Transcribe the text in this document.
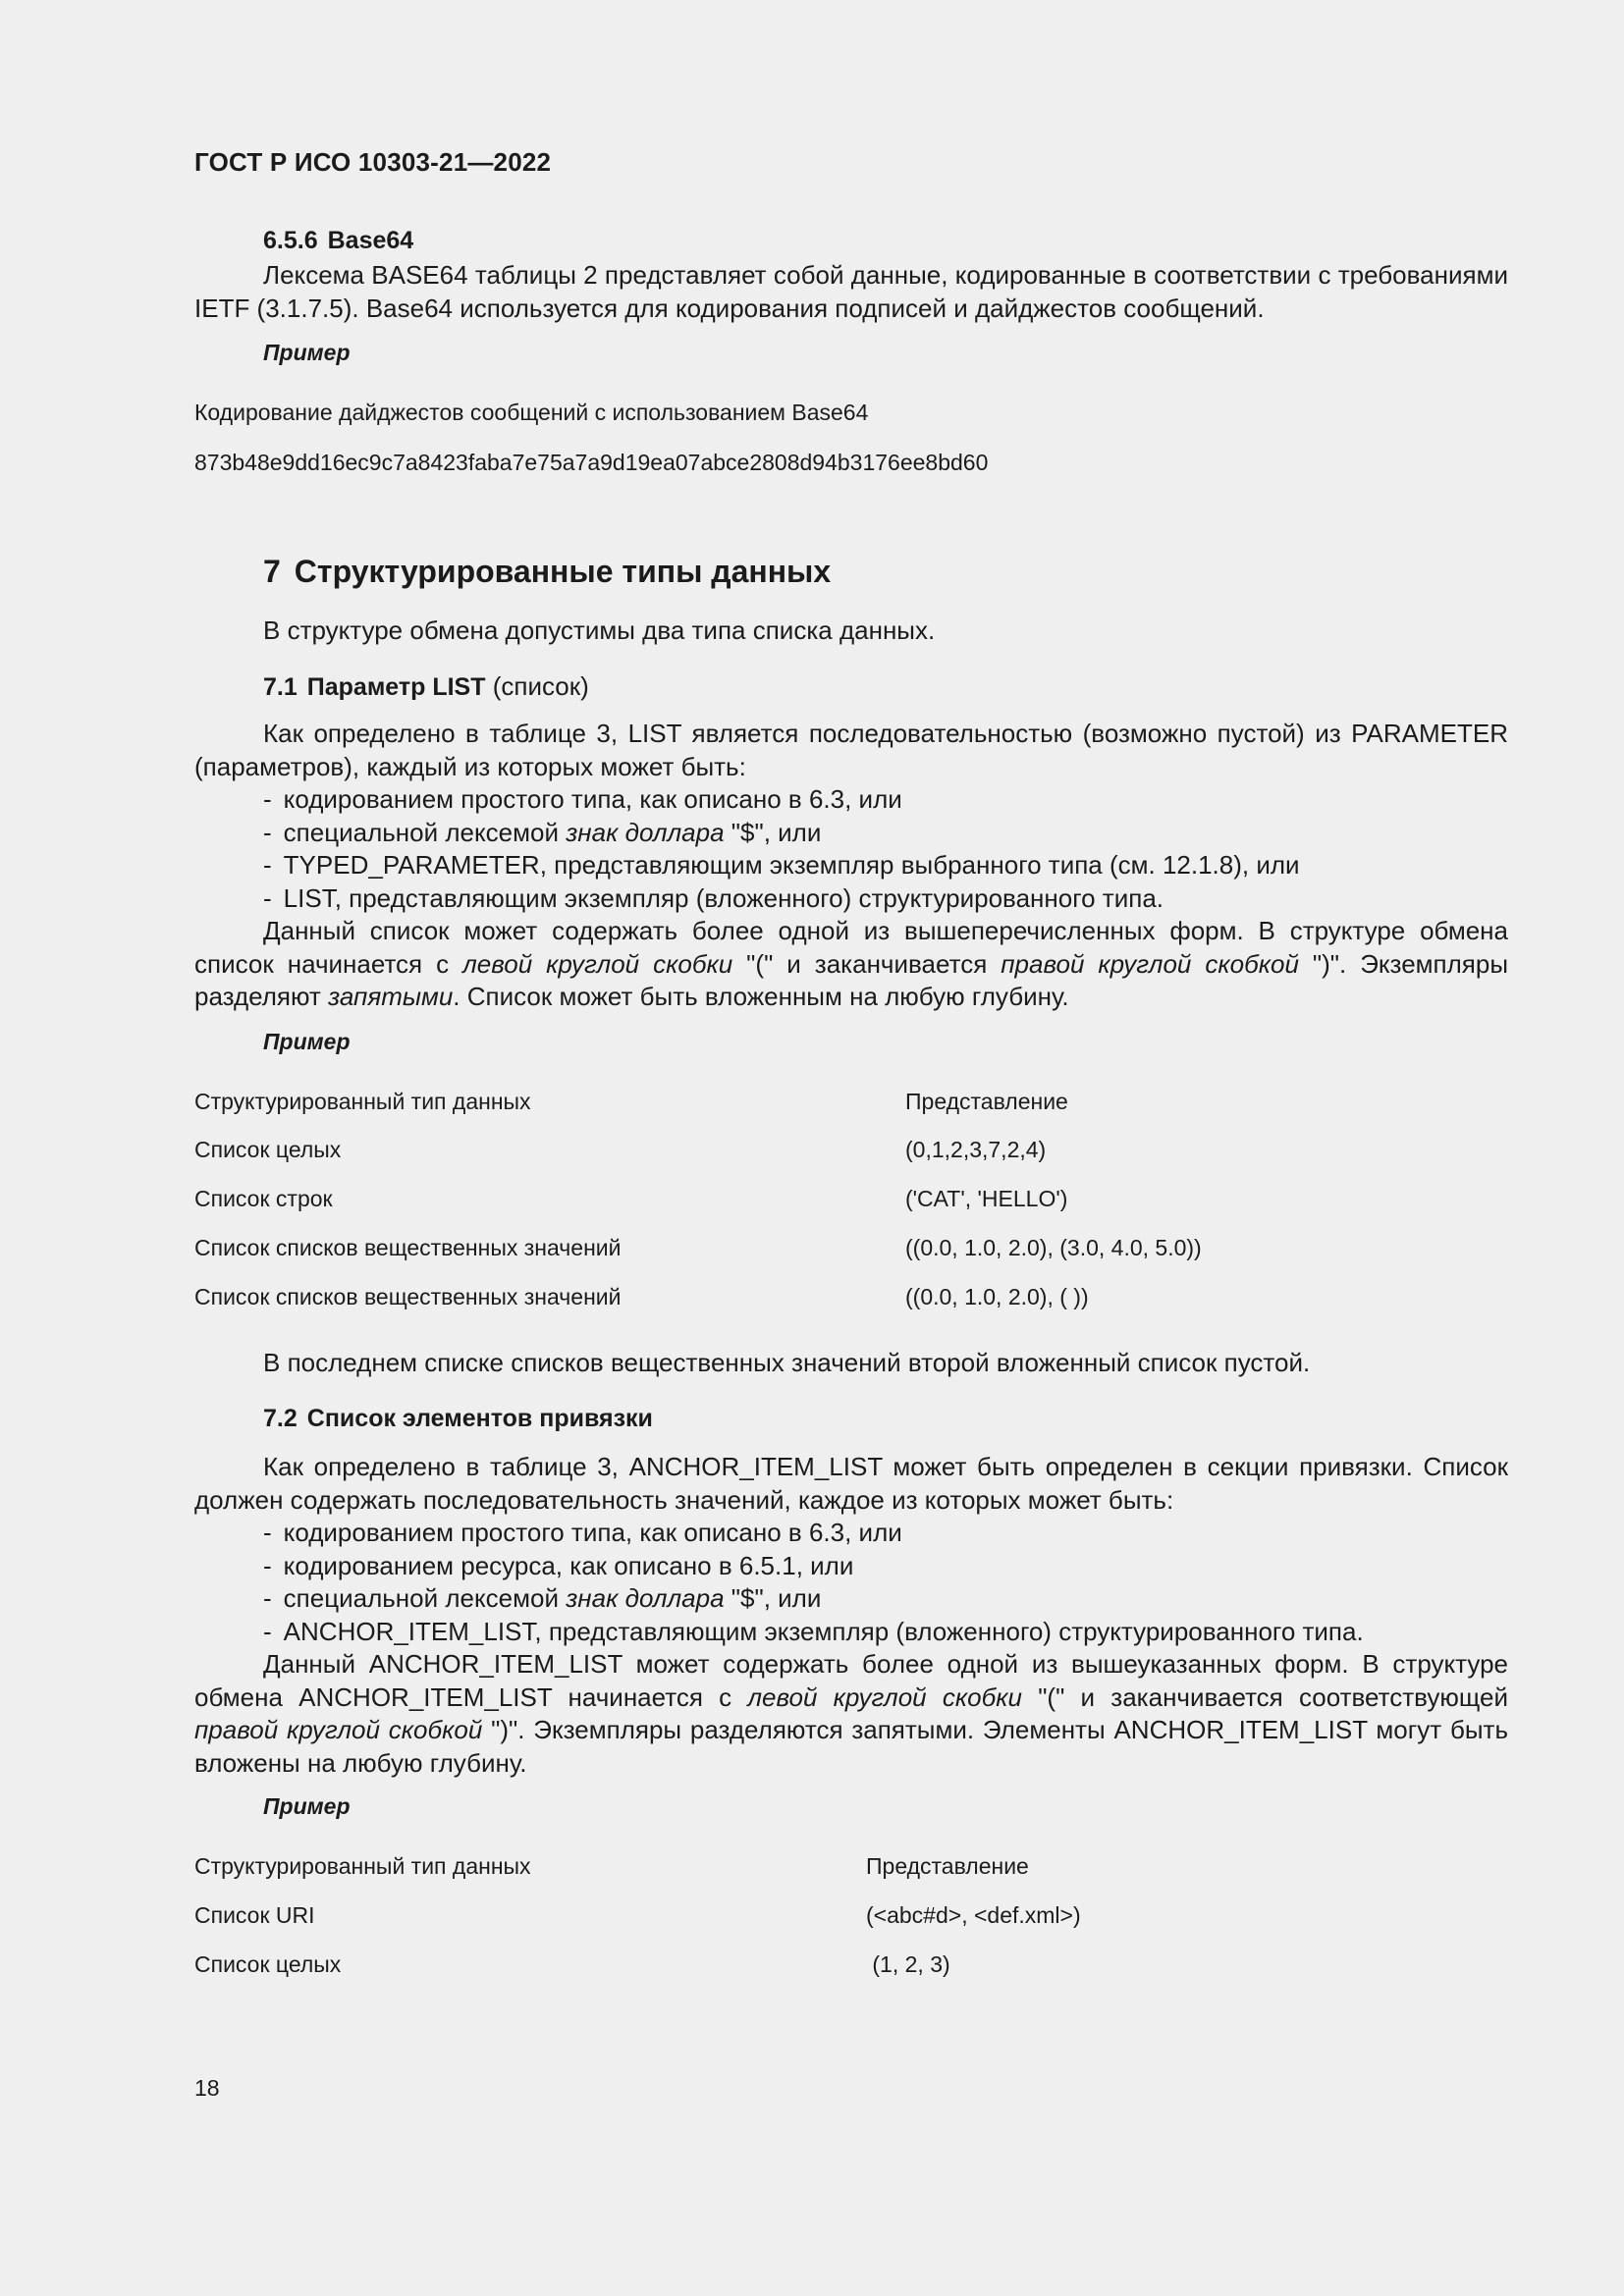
ГОСТ Р ИСО 10303-21—2022
6.5.6 Base64
Лексема BASE64 таблицы 2 представляет собой данные, кодированные в соответствии с требованиями IETF (3.1.7.5). Base64 используется для кодирования подписей и дайджестов сообщений.
Пример
Кодирование дайджестов сообщений с использованием Base64
873b48e9dd16ec9c7a8423faba7e75a7a9d19ea07abce2808d94b3176ee8bd60
7 Структурированные типы данных
В структуре обмена допустимы два типа списка данных.
7.1 Параметр LIST (список)
Как определено в таблице 3, LIST является последовательностью (возможно пустой) из PARAMETER (параметров), каждый из которых может быть:
- кодированием простого типа, как описано в 6.3, или
- специальной лексемой знак доллара "$", или
- TYPED_PARAMETER, представляющим экземпляр выбранного типа (см. 12.1.8), или
- LIST, представляющим экземпляр (вложенного) структурированного типа.
Данный список может содержать более одной из вышеперечисленных форм. В структуре обмена список начинается с левой круглой скобки "(" и заканчивается правой круглой скобкой ")". Экземпляры разделяют запятыми. Список может быть вложенным на любую глубину.
Пример
Структурированный тип данных	Представление
Список целых	(0,1,2,3,7,2,4)
Список строк	('CAT', 'HELLO')
Список списков вещественных значений	((0.0, 1.0, 2.0), (3.0, 4.0, 5.0))
Список списков вещественных значений	((0.0, 1.0, 2.0), ( ))
В последнем списке списков вещественных значений второй вложенный список пустой.
7.2 Список элементов привязки
Как определено в таблице 3, ANCHOR_ITEM_LIST может быть определен в секции привязки. Список должен содержать последовательность значений, каждое из которых может быть:
- кодированием простого типа, как описано в 6.3, или
- кодированием ресурса, как описано в 6.5.1, или
- специальной лексемой знак доллара "$", или
- ANCHOR_ITEM_LIST, представляющим экземпляр (вложенного) структурированного типа.
Данный ANCHOR_ITEM_LIST может содержать более одной из вышеуказанных форм. В структуре обмена ANCHOR_ITEM_LIST начинается с левой круглой скобки "(" и заканчивается соответствующей правой круглой скобкой ")". Экземпляры разделяются запятыми. Элементы ANCHOR_ITEM_LIST могут быть вложены на любую глубину.
Пример
Структурированный тип данных	Представление
Список URI	(<abc#d>, <def.xml>)
Список целых	(1, 2, 3)
18
